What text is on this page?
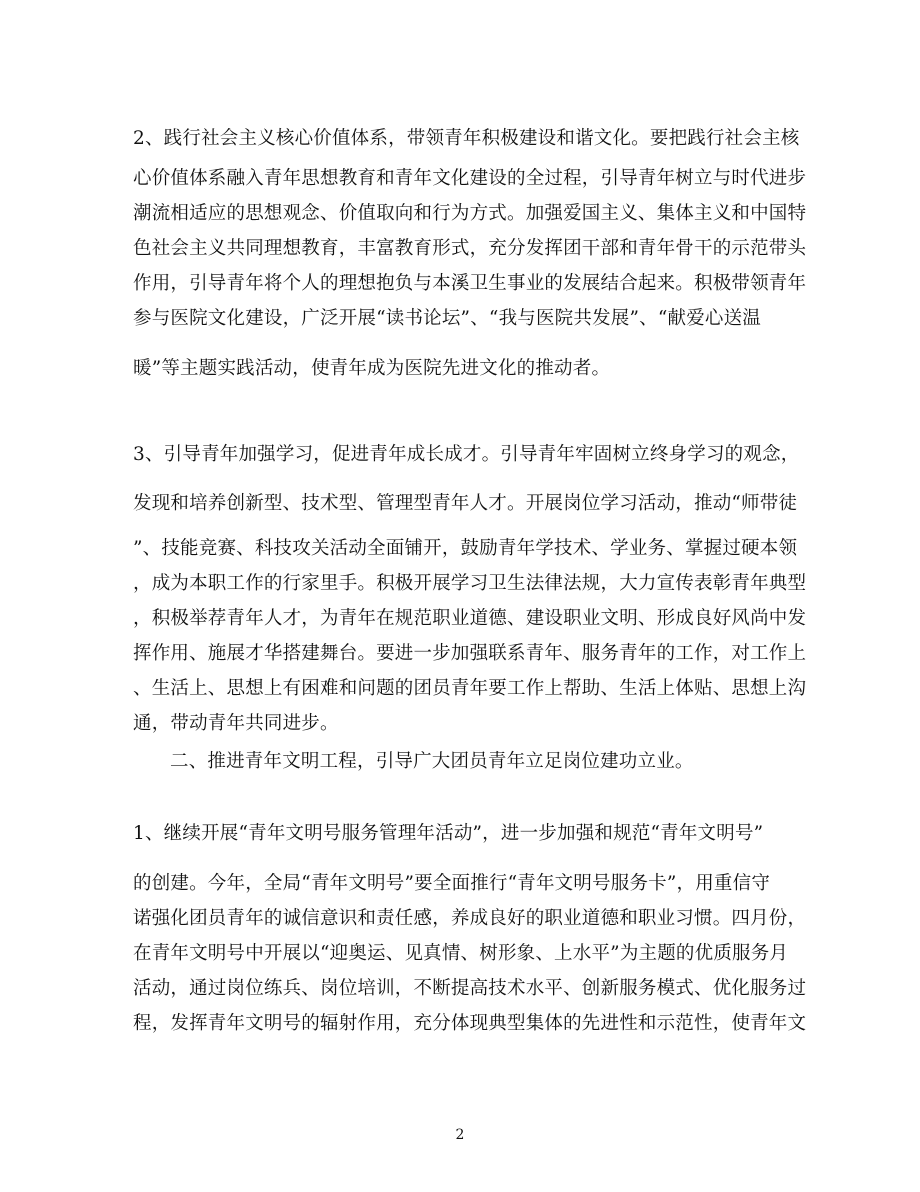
2、践行社会主义核心价值体系，带领青年积极建设和谐文化。要把践行社会主核
心价值体系融入青年思想教育和青年文化建设的全过程，引导青年树立与时代进步
潮流相适应的思想观念、价值取向和行为方式。加强爱国主义、集体主义和中国特
色社会主义共同理想教育，丰富教育形式，充分发挥团干部和青年骨干的示范带头
作用，引导青年将个人的理想抱负与本溪卫生事业的发展结合起来。积极带领青年
参与医院文化建设，广泛开展“读书论坛”、“我与医院共发展”、“献爱心送温
暖”等主题实践活动，使青年成为医院先进文化的推动者。
3、引导青年加强学习，促进青年成长成才。引导青年牢固树立终身学习的观念，
发现和培养创新型、技术型、管理型青年人才。开展岗位学习活动，推动“师带徒
”、技能竞赛、科技攻关活动全面铺开，鼓励青年学技术、学业务、掌握过硬本领
，成为本职工作的行家里手。积极开展学习卫生法律法规，大力宣传表彰青年典型
，积极举荐青年人才，为青年在规范职业道德、建设职业文明、形成良好风尚中发
挥作用、施展才华搭建舞台。要进一步加强联系青年、服务青年的工作，对工作上
、生活上、思想上有困难和问题的团员青年要工作上帮助、生活上体贴、思想上沟
通，带动青年共同进步。
二、推进青年文明工程，引导广大团员青年立足岗位建功立业。
1、继续开展“青年文明号服务管理年活动”，进一步加强和规范“青年文明号”
的创建。今年，全局“青年文明号”要全面推行“青年文明号服务卡”，用重信守
诺强化团员青年的诚信意识和责任感，养成良好的职业道德和职业习惯。四月份，
在青年文明号中开展以“迎奥运、见真情、树形象、上水平”为主题的优质服务月
活动，通过岗位练兵、岗位培训，不断提高技术水平、创新服务模式、优化服务过
程，发挥青年文明号的辐射作用，充分体现典型集体的先进性和示范性，使青年文
2
